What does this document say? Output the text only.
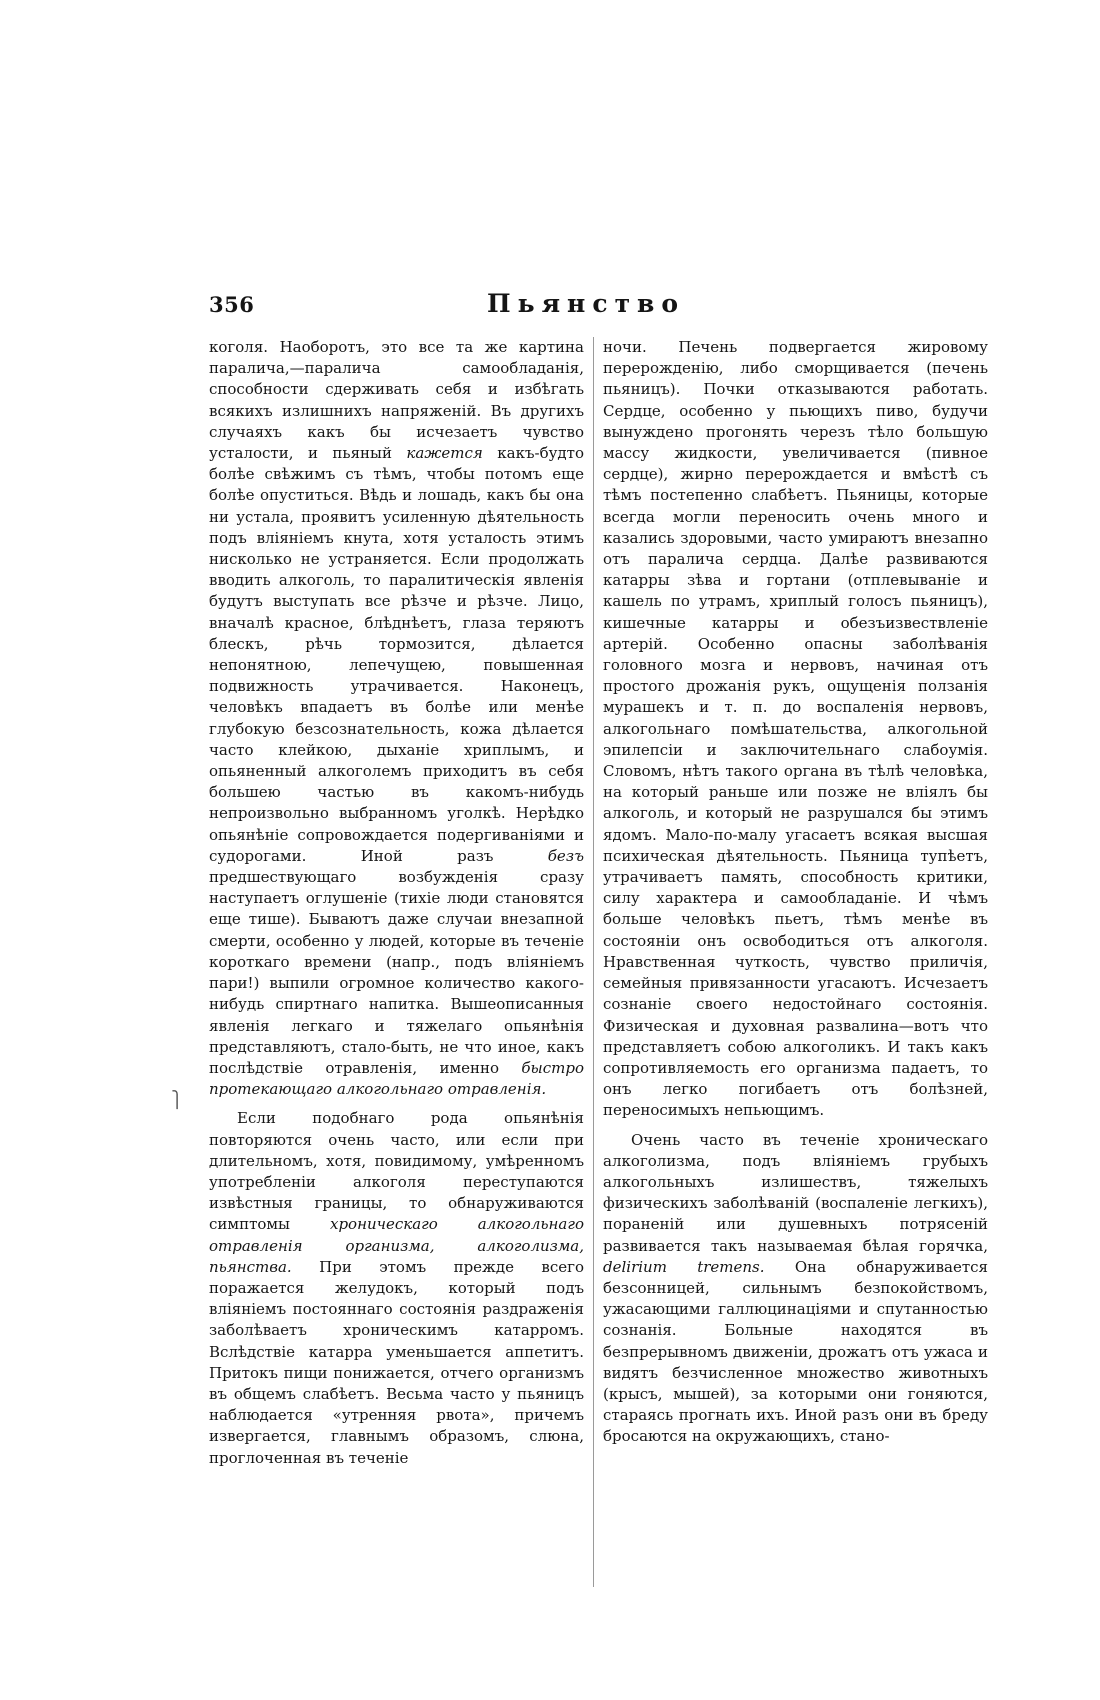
356	Пьянство

коголя. Наоборотъ, это все та же картина паралича,—паралича самообладанія, способности сдерживать себя и избѣгать всякихъ излишнихъ напряженій. Въ другихъ случаяхъ какъ бы исчезаетъ чувство усталости, и пьяный кажется какъ-будто болѣе свѣжимъ съ тѣмъ, чтобы потомъ еще болѣе опуститься. Вѣдь и лошадь, какъ бы она ни устала, проявитъ усиленную дѣятельность подъ вліяніемъ кнута, хотя усталость этимъ нисколько не устраняется. Если продолжать вводить алкоголь, то паралитическія явленія будутъ выступать все рѣзче и рѣзче. Лицо, вначалѣ красное, блѣднѣетъ, глаза теряютъ блескъ, рѣчь тормозится, дѣлается непонятною, лепечущею, повышенная подвижность утрачивается. Наконецъ, человѣкъ впадаетъ въ болѣе или менѣе глубокую безсознательность, кожа дѣлается часто клейкою, дыханіе хриплымъ, и опьяненный алкоголемъ приходитъ въ себя большею частью въ какомъ-нибудь непроизвольно выбранномъ уголкѣ. Нерѣдко опьянѣніе сопровождается подергиваніями и судорогами. Иной разъ безъ предшествующаго возбужденія сразу наступаетъ оглушеніе (тихіе люди становятся еще тише). Бываютъ даже случаи внезапной смерти, особенно у людей, которые въ теченіе короткаго времени (напр., подъ вліяніемъ пари!) выпили огромное количество какого-нибудь спиртнаго напитка. Вышеописанныя явленія легкаго и тяжелаго опьянѣнія представляютъ, стало-быть, не что иное, какъ послѣдствіе отравленія, именно быстро протекающаго алкогольнаго отравленія.

Если подобнаго рода опьянѣнія повторяются очень часто, или если при длительномъ, хотя, повидимому, умѣренномъ употребленіи алкоголя переступаются извѣстныя границы, то обнаруживаются симптомы хроническаго алкогольнаго отравленія организма, алкоголизма, пьянства. При этомъ прежде всего поражается желудокъ, который подъ вліяніемъ постояннаго состоянія раздраженія заболѣваетъ хроническимъ катарромъ. Вслѣдствіе катарра уменьшается аппетитъ. Притокъ пищи понижается, отчего организмъ въ общемъ слабѣетъ. Весьма часто у пьяницъ наблюдается «утренняя рвота», причемъ извергается, главнымъ образомъ, слюна, проглоченная въ теченіе

ночи. Печень подвергается жировому перерожденію, либо сморщивается (печень пьяницъ). Почки отказываются работать. Сердце, особенно у пьющихъ пиво, будучи вынуждено прогонять черезъ тѣло большую массу жидкости, увеличивается (пивное сердце), жирно перерождается и вмѣстѣ съ тѣмъ постепенно слабѣетъ. Пьяницы, которые всегда могли переносить очень много и казались здоровыми, часто умираютъ внезапно отъ паралича сердца. Далѣе развиваются катарры зѣва и гортани (отплевываніе и кашель по утрамъ, хриплый голосъ пьяницъ), кишечные катарры и обезъизвествленіе артерій. Особенно опасны заболѣванія головного мозга и нервовъ, начиная отъ простого дрожанія рукъ, ощущенія ползанія мурашекъ и т. п. до воспаленія нервовъ, алкогольнаго помѣшательства, алкогольной эпилепсіи и заключительнаго слабоумія. Словомъ, нѣтъ такого органа въ тѣлѣ человѣка, на который раньше или позже не вліялъ бы алкоголь, и который не разрушался бы этимъ ядомъ. Мало-по-малу угасаетъ всякая высшая психическая дѣятельность. Пьяница тупѣетъ, утрачиваетъ память, способность критики, силу характера и самообладаніе. И чѣмъ больше человѣкъ пьетъ, тѣмъ менѣе въ состояніи онъ освободиться отъ алкоголя. Нравственная чуткость, чувство приличія, семейныя привязанности угасаютъ. Исчезаетъ сознаніе своего недостойнаго состоянія. Физическая и духовная развалина—вотъ что представляетъ собою алкоголикъ. И такъ какъ сопротивляемость его организма падаетъ, то онъ легко погибаетъ отъ болѣзней, переносимыхъ непьющимъ.

Очень часто въ теченіе хроническаго алкоголизма, подъ вліяніемъ грубыхъ алкогольныхъ излишествъ, тяжелыхъ физическихъ заболѣваній (воспаленіе легкихъ), пораненій или душевныхъ потрясеній развивается такъ называемая бѣлая горячка, delirium tremens. Она обнаруживается безсонницей, сильнымъ безпокойствомъ, ужасающими галлюцинаціями и спутанностью сознанія. Больные находятся въ безпрерывномъ движеніи, дрожатъ отъ ужаса и видятъ безчисленное множество животныхъ (крысъ, мышей), за которыми они гоняются, стараясь прогнать ихъ. Иной разъ они въ бреду бросаются на окружающихъ, стано-

⎫
